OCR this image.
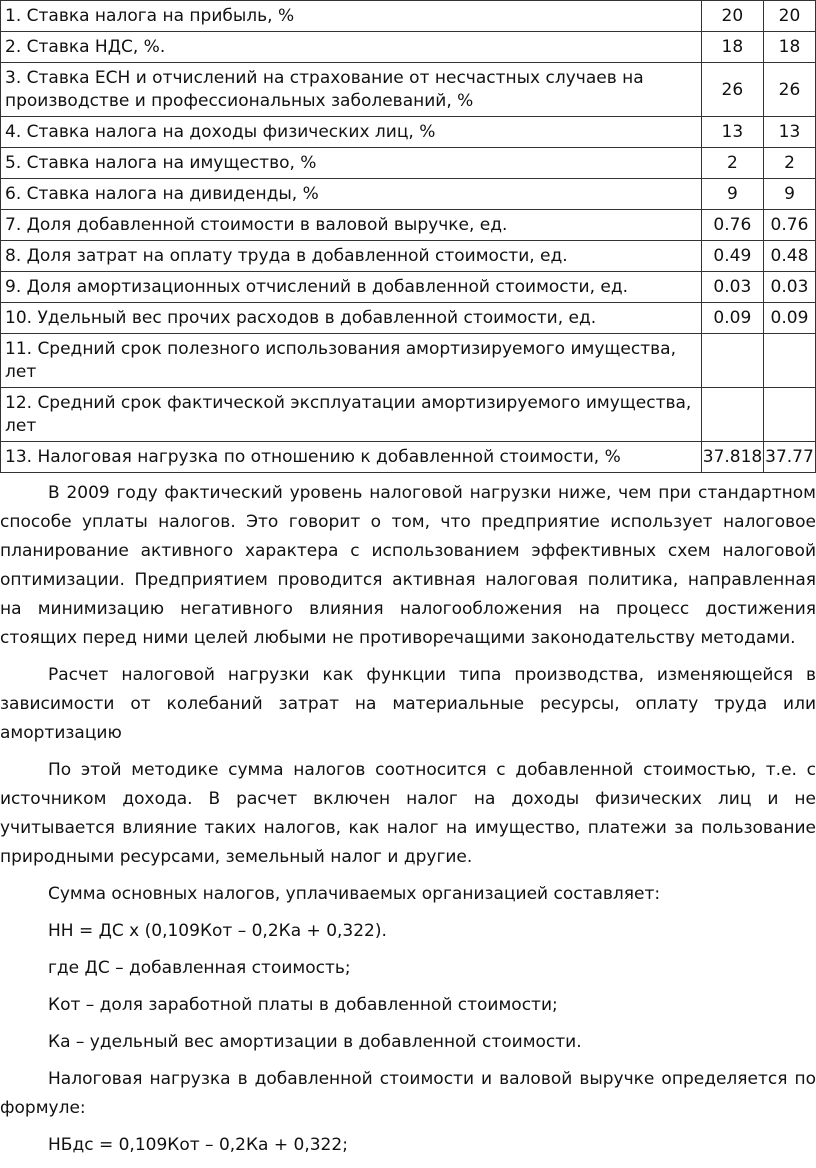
1. Ставка налога на прибыль, %	20	20
2. Ставка НДС, %.	18	18
3. Ставка ЕСН и отчислений на страхование от несчастных случаев на производстве и профессиональных заболеваний, %	26	26
4. Ставка налога на доходы физических лиц, %	13	13
5. Ставка налога на имущество, %	2	2
6. Ставка налога на дивиденды, %	9	9
7. Доля добавленной стоимости в валовой выручке, ед.	0.76	0.76
8. Доля затрат на оплату труда в добавленной стоимости, ед.	0.49	0.48
9. Доля амортизационных отчислений в добавленной стоимости, ед.	0.03	0.03
10. Удельный вес прочих расходов в добавленной стоимости, ед.	0.09	0.09
11. Средний срок полезного использования амортизируемого имущества, лет		
12. Средний срок фактической эксплуатации амортизируемого имущества, лет		
13. Налоговая нагрузка по отношению к добавленной стоимости, %	37.818	37.77

В 2009 году фактический уровень налоговой нагрузки ниже, чем при стандартном способе уплаты налогов. Это говорит о том, что предприятие использует налоговое планирование активного характера с использованием эффективных схем налоговой оптимизации. Предприятием проводится активная налоговая политика, направленная на минимизацию негативного влияния налогообложения на процесс достижения стоящих перед ними целей любыми не противоречащими законодательству методами.

Расчет налоговой нагрузки как функции типа производства, изменяющейся в зависимости от колебаний затрат на материальные ресурсы, оплату труда или амортизацию

По этой методике сумма налогов соотносится с добавленной стоимостью, т.е. с источником дохода. В расчет включен налог на доходы физических лиц и не учитывается влияние таких налогов, как налог на имущество, платежи за пользование природными ресурсами, земельный налог и другие.

Сумма основных налогов, уплачиваемых организацией составляет:

НН = ДС х (0,109Кот – 0,2Ка + 0,322).

где ДС – добавленная стоимость;

Кот – доля заработной платы в добавленной стоимости;

Ка – удельный вес амортизации в добавленной стоимости.

Налоговая нагрузка в добавленной стоимости и валовой выручке определяется по формуле:

НБдс = 0,109Кот – 0,2Ка + 0,322;
